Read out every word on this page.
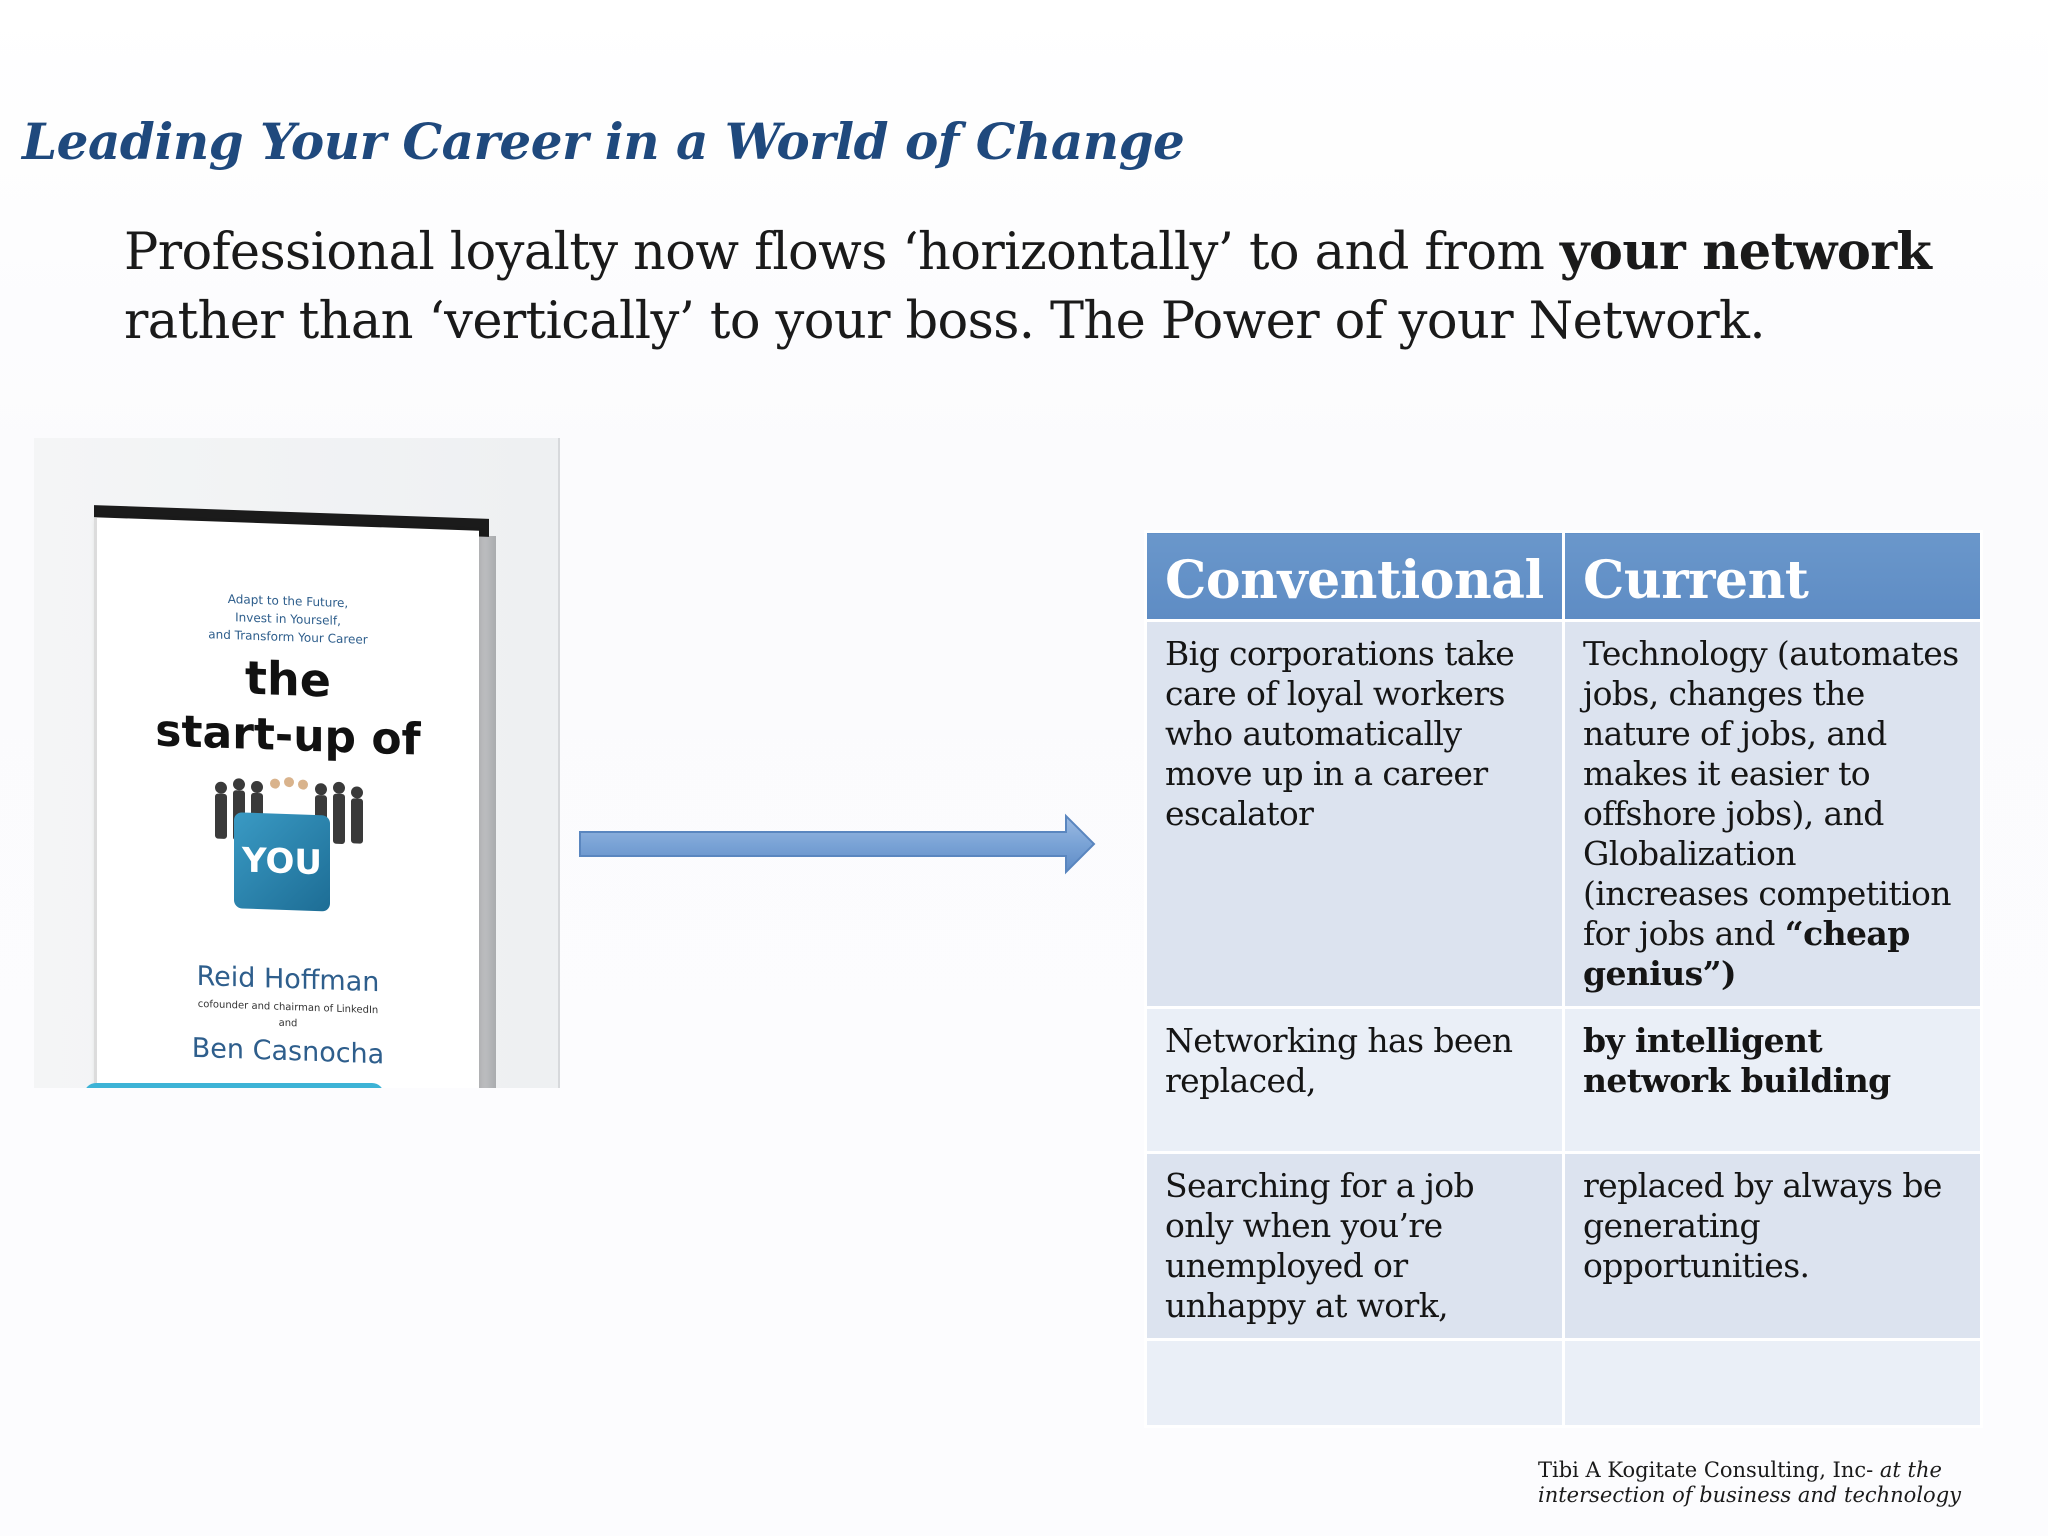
Leading Your Career in a World of Change

Professional loyalty now flows ‘horizontally’ to and from your network rather than ‘vertically’ to your boss. The Power of your Network.

Adapt to the Future,
Invest in Yourself,
and Transform Your Career
the
start-up of
YOU
Reid Hoffman
cofounder and chairman of LinkedIn
and
Ben Casnocha
Conventional	Current
Big corporations take care of loyal workers who automatically move up in a career escalator	Technology (automates jobs, changes the nature of jobs, and makes it easier to offshore jobs), and Globalization (increases competition for jobs and “cheap genius”)
Networking has been replaced,	by intelligent network building
Searching for a job only when you’re unemployed or unhappy at work,	replaced by always be generating opportunities.

Tibi A Kogitate Consulting, Inc- at the
intersection of business and technology
